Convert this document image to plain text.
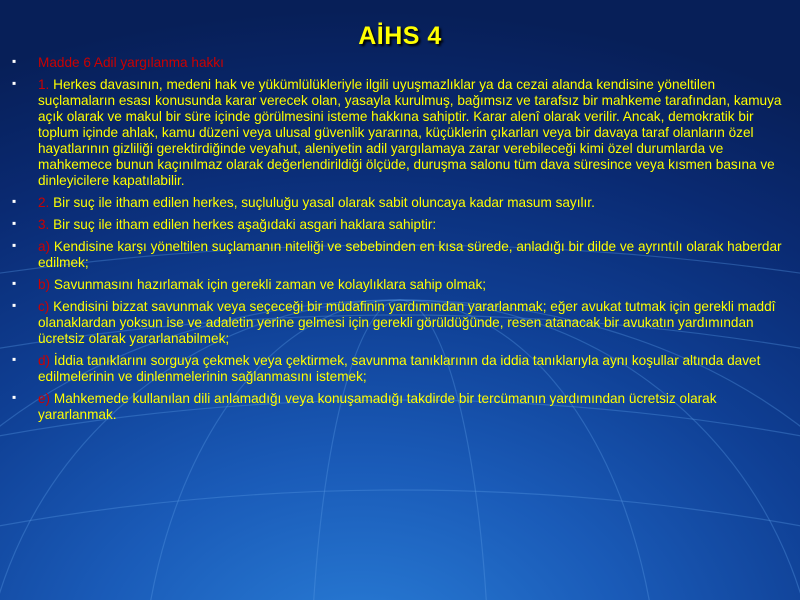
AİHS 4
▪	Madde 6 Adil yargılanma hakkı
▪	1. Herkes davasının, medeni hak ve yükümlülükleriyle ilgili uyuşmazlıklar ya da cezai alanda kendisine yöneltilen suçlamaların esası konusunda karar verecek olan, yasayla kurulmuş, bağımsız ve tarafsız bir mahkeme tarafından, kamuya açık olarak ve makul bir süre içinde görülmesini isteme hakkına sahiptir. Karar alenî olarak verilir. Ancak, demokratik bir toplum içinde ahlak, kamu düzeni veya ulusal güvenlik yararına, küçüklerin çıkarları veya bir davaya taraf olanların özel hayatlarının gizliliği gerektirdiğinde veyahut, aleniyetin adil yargılamaya zarar verebileceği kimi özel durumlarda ve mahkemece bunun kaçınılmaz olarak değerlendirildiği ölçüde, duruşma salonu tüm dava süresince veya kısmen basına ve dinleyicilere kapatılabilir.
▪	2. Bir suç ile itham edilen herkes, suçluluğu yasal olarak sabit oluncaya kadar masum sayılır.
▪	3. Bir suç ile itham edilen herkes aşağıdaki asgari haklara sahiptir:
▪	a) Kendisine karşı yöneltilen suçlamanın niteliği ve sebebinden en kısa sürede, anladığı bir dilde ve ayrıntılı olarak haberdar edilmek;
▪	b) Savunmasını hazırlamak için gerekli zaman ve kolaylıklara sahip olmak;
▪	c) Kendisini bizzat savunmak veya seçeceği bir müdafinin yardımından yararlanmak; eğer avukat tutmak için gerekli maddî olanaklardan yoksun ise ve adaletin yerine gelmesi için gerekli görüldüğünde, resen atanacak bir avukatın yardımından ücretsiz olarak yararlanabilmek;
▪	d) İddia tanıklarını sorguya çekmek veya çektirmek, savunma tanıklarının da iddia tanıklarıyla aynı koşullar altında davet edilmelerinin ve dinlenmelerinin sağlanmasını istemek;
▪	e) Mahkemede kullanılan dili anlamadığı veya konuşamadığı takdirde bir tercümanın yardımından ücretsiz olarak yararlanmak.
